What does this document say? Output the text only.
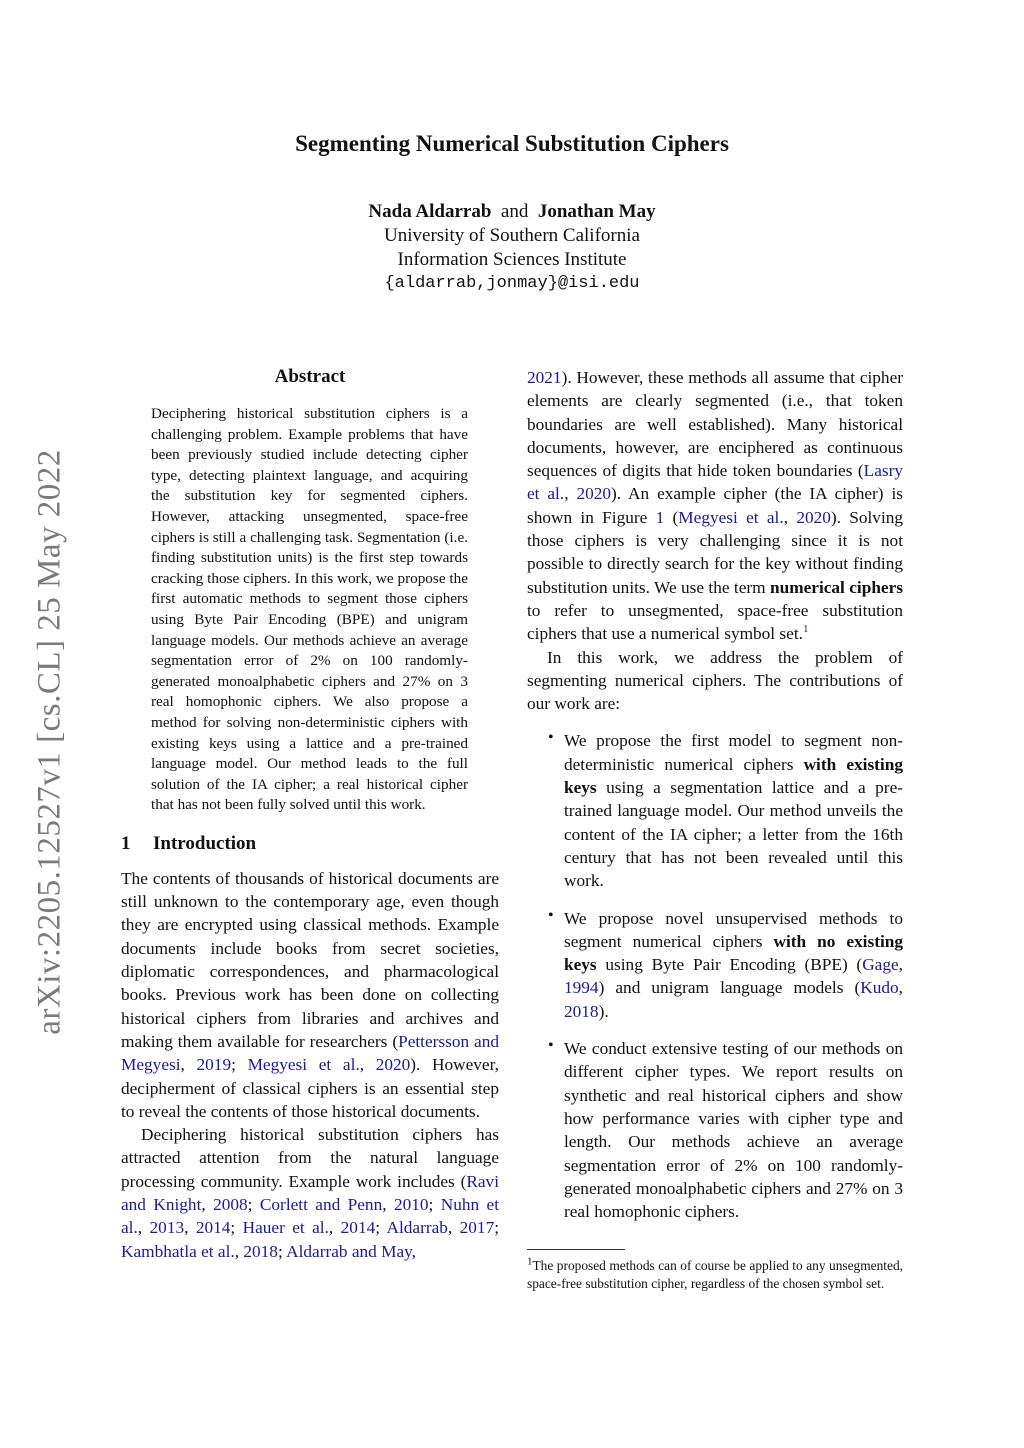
arXiv:2205.12527v1 [cs.CL] 25 May 2022
Segmenting Numerical Substitution Ciphers
Nada Aldarrab and Jonathan May
University of Southern California
Information Sciences Institute
{aldarrab,jonmay}@isi.edu
Abstract
Deciphering historical substitution ciphers is a challenging problem. Example problems that have been previously studied include detecting cipher type, detecting plaintext language, and acquiring the substitution key for segmented ciphers. However, attacking unsegmented, space-free ciphers is still a challenging task. Segmentation (i.e. finding substitution units) is the first step towards cracking those ciphers. In this work, we propose the first automatic methods to segment those ciphers using Byte Pair Encoding (BPE) and unigram language models. Our methods achieve an average segmentation error of 2% on 100 randomly-generated monoalphabetic ciphers and 27% on 3 real homophonic ciphers. We also propose a method for solving non-deterministic ciphers with existing keys using a lattice and a pre-trained language model. Our method leads to the full solution of the IA cipher; a real historical cipher that has not been fully solved until this work.
1 Introduction

The contents of thousands of historical documents are still unknown to the contemporary age, even though they are encrypted using classical methods. Example documents include books from secret societies, diplomatic correspondences, and pharmacological books. Previous work has been done on collecting historical ciphers from libraries and archives and making them available for researchers (Pettersson and Megyesi, 2019; Megyesi et al., 2020). However, decipherment of classical ciphers is an essential step to reveal the contents of those historical documents.

Deciphering historical substitution ciphers has attracted attention from the natural language processing community. Example work includes (Ravi and Knight, 2008; Corlett and Penn, 2010; Nuhn et al., 2013, 2014; Hauer et al., 2014; Aldarrab, 2017; Kambhatla et al., 2018; Aldarrab and May,

2021). However, these methods all assume that cipher elements are clearly segmented (i.e., that token boundaries are well established). Many historical documents, however, are enciphered as continuous sequences of digits that hide token boundaries (Lasry et al., 2020). An example cipher (the IA cipher) is shown in Figure 1 (Megyesi et al., 2020). Solving those ciphers is very challenging since it is not possible to directly search for the key without finding substitution units. We use the term numerical ciphers to refer to unsegmented, space-free substitution ciphers that use a numerical symbol set.$^1$

In this work, we address the problem of segmenting numerical ciphers. The contributions of our work are:

• We propose the first model to segment non-deterministic numerical ciphers with existing keys using a segmentation lattice and a pre-trained language model. Our method unveils the content of the IA cipher; a letter from the 16th century that has not been revealed until this work.

• We propose novel unsupervised methods to segment numerical ciphers with no existing keys using Byte Pair Encoding (BPE) (Gage, 1994) and unigram language models (Kudo, 2018).

• We conduct extensive testing of our methods on different cipher types. We report results on synthetic and real historical ciphers and show how performance varies with cipher type and length. Our methods achieve an average segmentation error of 2% on 100 randomly-generated monoalphabetic ciphers and 27% on 3 real homophonic ciphers.

$^1$The proposed methods can of course be applied to any unsegmented, space-free substitution cipher, regardless of the chosen symbol set.
